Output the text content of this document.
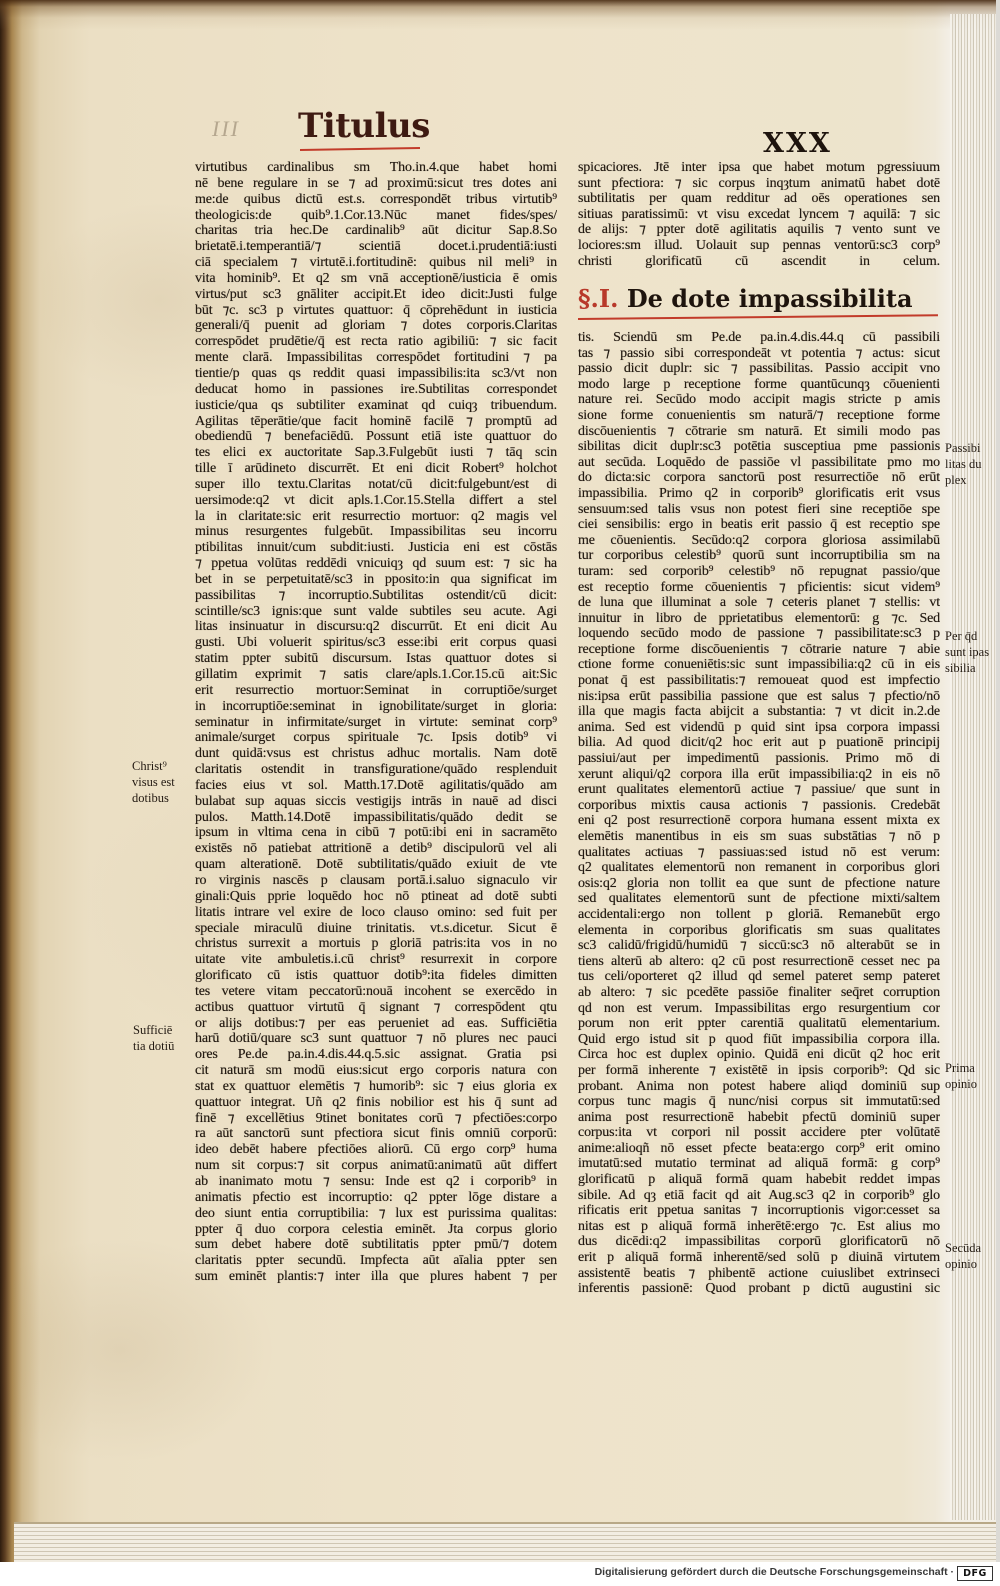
III Titulus	XXX
virtutibus cardinalibus sm Tho.in.4.que habet homi
nē bene regulare in se ⁊ ad proximū:sicut tres dotes ani
me:de quibus dictū est.s. correspondēt tribus virtutib⁹
theologicis:de quib⁹.1.Cor.13.Nūc manet fides/spes/
charitas tria hec.De cardinalib⁹ aūt dicitur Sap.8.So
brietatē.i.temperantiā/⁊ scientiā docet.i.prudentiā:iusti
ciā specialem ⁊ virtutē.i.fortitudinē: quibus nil meli⁹ in
vita hominib⁹. Et q2 sm vnā acceptionē/iusticia ē omis
virtus/put sc3 gnāliter accipit.Et ideo dicit:Justi fulge
būt ⁊c. sc3 p virtutes quattuor: q̄ cōprehēdunt in iusticia
generali/q̄ puenit ad gloriam ⁊ dotes corporis.Claritas
correspōdet prudētie/q̄ est recta ratio agibiliū: ⁊ sic facit
mente clarā. Impassibilitas correspōdet fortitudini ⁊ pa
tientie/p quas qs reddit quasi impassibilis:ita sc3/vt non
deducat homo in passiones ire.Subtilitas correspondet
iusticie/qua qs subtiliter examinat qd cuiqȝ tribuendum.
Agilitas tēperātie/que facit hominē facilē ⁊ promptū ad
obediendū ⁊ benefaciēdū. Possunt etiā iste quattuor do
tes elici ex auctoritate Sap.3.Fulgebūt iusti ⁊ tāq scin
tille ī arūdineto discurrēt. Et eni dicit Robert⁹ holchot
super illo textu.Claritas notat/cū dicit:fulgebunt/est di
uersimode:q2 vt dicit apls.1.Cor.15.Stella differt a stel
la in claritate:sic erit resurrectio mortuor: q2 magis vel
minus resurgentes fulgebūt. Impassibilitas seu incorru
ptibilitas innuit/cum subdit:iusti. Justicia eni est cōstās
⁊ ppetua volūtas reddēdi vnicuiqȝ qd suum est: ⁊ sic ha
bet in se perpetuitatē/sc3 in pposito:in qua significat im
passibilitas ⁊ incorruptio.Subtilitas ostendit/cū dicit:
scintille/sc3 ignis:que sunt valde subtiles seu acute. Agi
litas insinuatur in discursu:q2 discurrūt. Et eni dicit Au
gusti. Ubi voluerit spiritus/sc3 esse:ibi erit corpus quasi
statim ppter subitū discursum. Istas quattuor dotes si
gillatim exprimit ⁊ satis clare/apls.1.Cor.15.cū ait:Sic
erit resurrectio mortuor:Seminat in corruptiōe/surget
in incorruptiōe:seminat in ignobilitate/surget in gloria:
seminatur in infirmitate/surget in virtute: seminat corp⁹
animale/surget corpus spirituale ⁊c. Ipsis dotib⁹ vi
dunt quidā:vsus est christus adhuc mortalis. Nam dotē
claritatis ostendit in transfiguratione/quādo resplenduit
facies eius vt sol. Matth.17.Dotē agilitatis/quādo am
bulabat sup aquas siccis vestigijs intrās in nauē ad disci
pulos. Matth.14.Dotē impassibilitatis/quādo dedit se
ipsum in vltima cena in cibū ⁊ potū:ibi eni in sacramēto
existēs nō patiebat attritionē a detib⁹ discipulorū vel ali
quam alterationē. Dotē subtilitatis/quādo exiuit de vte
ro virginis nascēs p clausam portā.i.saluo signaculo vir
ginali:Quis pprie loquēdo hoc nō ptineat ad dotē subti
litatis intrare vel exire de loco clauso omino: sed fuit per
speciale miraculū diuine trinitatis. vt.s.dicetur. Sicut ē
christus surrexit a mortuis p gloriā patris:ita vos in no
uitate vite ambuletis.i.cū christ⁹ resurrexit in corpore
glorificato cū istis quattuor dotib⁹:ita fideles dimitten
tes vetere vitam peccatorū:nouā incohent se exercēdo in
actibus quattuor virtutū q̄ signant ⁊ correspōdent qtu
or alijs dotibus:⁊ per eas perueniet ad eas. Sufficiētia
harū dotiū/quare sc3 sunt quattuor ⁊ nō plures nec pauci
ores Pe.de pa.in.4.dis.44.q.5.sic assignat. Gratia psi
cit naturā sm modū eius:sicut ergo corporis natura con
stat ex quattuor elemētis ⁊ humorib⁹: sic ⁊ eius gloria ex
quattuor integrat. Uñ q2 finis nobilior est his q̄ sunt ad
finē ⁊ excellētius 9tinet bonitates corū ⁊ pfectiōes:corpo
ra aūt sanctorū sunt pfectiora sicut finis omniū corporū:
ideo debēt habere pfectiōes aliorū. Cū ergo corp⁹ huma
num sit corpus:⁊ sit corpus animatū:animatū aūt differt
ab inanimato motu ⁊ sensu: Inde est q2 i corporib⁹ in
animatis pfectio est incorruptio: q2 ppter lōge distare a
deo siunt entia corruptibilia: ⁊ lux est purissima qualitas:
ppter q̄ duo corpora celestia eminēt. Jta corpus glorio
sum debet habere dotē subtilitatis ppter pmū/⁊ dotem
claritatis ppter secundū. Impfecta aūt aīalia ppter sen
sum eminēt plantis:⁊ inter illa que plures habent ⁊ per
spicaciores. Jtē inter ipsa que habet motum pgressiuum
sunt pfectiora: ⁊ sic corpus inqȝtum animatū habet dotē
subtilitatis per quam redditur ad oēs operationes sen
sitiuas paratissimū: vt visu excedat lyncem ⁊ aquilā: ⁊ sic
de alijs: ⁊ ppter dotē agilitatis aquilis ⁊ vento sunt ve
lociores:sm illud. Uolauit sup pennas ventorū:sc3 corp⁹
christi glorificatū cū ascendit in celum.
§.I. De dote impassibilita
tis. Sciendū sm Pe.de pa.in.4.dis.44.q cū passibili
tas ⁊ passio sibi correspondeāt vt potentia ⁊ actus: sicut
passio dicit duplr: sic ⁊ passibilitas. Passio accipit vno
modo large p receptione forme quantūcunqȝ cōuenienti
nature rei. Secūdo modo accipit magis stricte p amis
sione forme conuenientis sm naturā/⁊ receptione forme
discōuenientis ⁊ cōtrarie sm naturā. Et simili modo pas
sibilitas dicit duplr:sc3 potētia susceptiua pme passionis
aut secūda. Loquēdo de passiōe vl passibilitate pmo mo
do dicta:sic corpora sanctorū post resurrectiōe nō erūt
impassibilia. Primo q2 in corporib⁹ glorificatis erit vsus
sensuum:sed talis vsus non potest fieri sine receptiōe spe
ciei sensibilis: ergo in beatis erit passio q̄ est receptio spe
me cōuenientis. Secūdo:q2 corpora gloriosa assimilabū
tur corporibus celestib⁹ quorū sunt incorruptibilia sm na
turam: sed corporib⁹ celestib⁹ nō repugnat passio/que
est receptio forme cōuenientis ⁊ pficientis: sicut videm⁹
de luna que illuminat a sole ⁊ ceteris planet ⁊ stellis: vt
innuitur in libro de pprietatibus elementorū: g ⁊c. Sed
loquendo secūdo modo de passione ⁊ passibilitate:sc3 p
receptione forme discōuenientis ⁊ cōtrarie nature ⁊ abie
ctione forme conueniētis:sic sunt impassibilia:q2 cū in eis
ponat q̄ est passibilitatis:⁊ remoueat quod est impfectio
nis:ipsa erūt passibilia passione que est salus ⁊ pfectio/nō
illa que magis facta abijcit a substantia: ⁊ vt dicit in.2.de
anima. Sed est videndū p quid sint ipsa corpora impassi
bilia. Ad quod dicit/q2 hoc erit aut p puationē principij
passiui/aut per impedimentū passionis. Primo mō di
xerunt aliqui/q2 corpora illa erūt impassibilia:q2 in eis nō
erunt qualitates elementorū actiue ⁊ passiue/ que sunt in
corporibus mixtis causa actionis ⁊ passionis. Credebāt
eni q2 post resurrectionē corpora humana essent mixta ex
elemētis manentibus in eis sm suas substātias ⁊ nō p
qualitates actiuas ⁊ passiuas:sed istud nō est verum:
q2 qualitates elementorū non remanent in corporibus glori
osis:q2 gloria non tollit ea que sunt de pfectione nature
sed qualitates elementorū sunt de pfectione mixti/saltem
accidentali:ergo non tollent p gloriā. Remanebūt ergo
elementa in corporibus glorificatis sm suas qualitates
sc3 calidū/frigidū/humidū ⁊ siccū:sc3 nō alterabūt se in
tiens alterū ab altero: q2 cū post resurrectionē cesset nec pa
tus celi/oporteret q2 illud qd semel pateret semp pateret
ab altero: ⁊ sic pcedēte passiōe finaliter seq̄ret corruption
qd non est verum. Impassibilitas ergo resurgentium cor
porum non erit ppter carentiā qualitatū elementarium.
Quid ergo istud sit p quod fiūt impassibilia corpora illa.
Circa hoc est duplex opinio. Quidā eni dicūt q2 hoc erit
per formā inherente ⁊ existētē in ipsis corporib⁹: Qd sic
probant. Anima non potest habere aliqd dominiū sup
corpus tunc magis q̄ nunc/nisi corpus sit immutatū:sed
anima post resurrectionē habebit pfectū dominiū super
corpus:ita vt corpori nil possit accidere pter volūtatē
anime:alioqñ nō esset pfecte beata:ergo corp⁹ erit omino
imutatū:sed mutatio terminat ad aliquā formā: g corp⁹
glorificatū p aliquā formā quam habebit reddet impas
sibile. Ad qȝ etiā facit qd ait Aug.sc3 q2 in corporib⁹ glo
rificatis erit ppetua sanitas ⁊ incorruptionis vigor:cesset sa
nitas est p aliquā formā inherētē:ergo ⁊c. Est alius mo
dus dicēdi:q2 impassibilitas corporū glorificatorū nō
erit p aliquā formā inherentē/sed solū p diuinā virtutem
assistentē beatis ⁊ phibentē actione cuiuslibet extrinseci
inferentis passionē: Quod probant p dictū augustini sic
Christ⁹
visus est
dotibus
Sufficiē
tia dotiū
Passibi
litas du
plex
Per q̄d
sunt ipas
sibilia
Prima
opinio
Secūda
opinio
Digitalisierung gefördert durch die Deutsche Forschungsgemeinschaft · DFG
